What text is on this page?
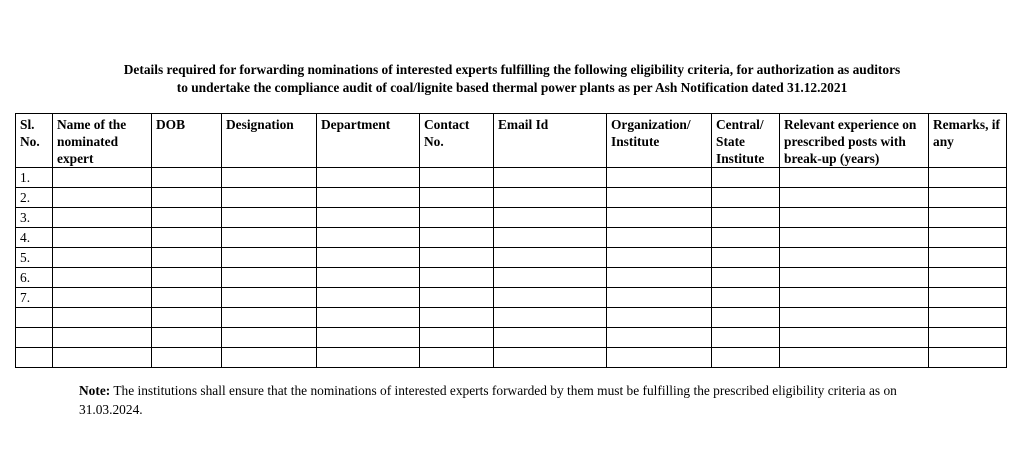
Details required for forwarding nominations of interested experts fulfilling the following eligibility criteria, for authorization as auditors
to undertake the compliance audit of coal/lignite based thermal power plants as per Ash Notification dated 31.12.2021
Sl. No.	Name of the nominated expert	DOB	Designation	Department	Contact No.	Email Id	Organization/ Institute	Central/ State Institute	Relevant experience on prescribed posts with break-up (years)	Remarks, if any
1.										
2.										
3.										
4.										
5.										
6.										
7.										

Note: The institutions shall ensure that the nominations of interested experts forwarded by them must be fulfilling the prescribed eligibility criteria as on 31.03.2024.
